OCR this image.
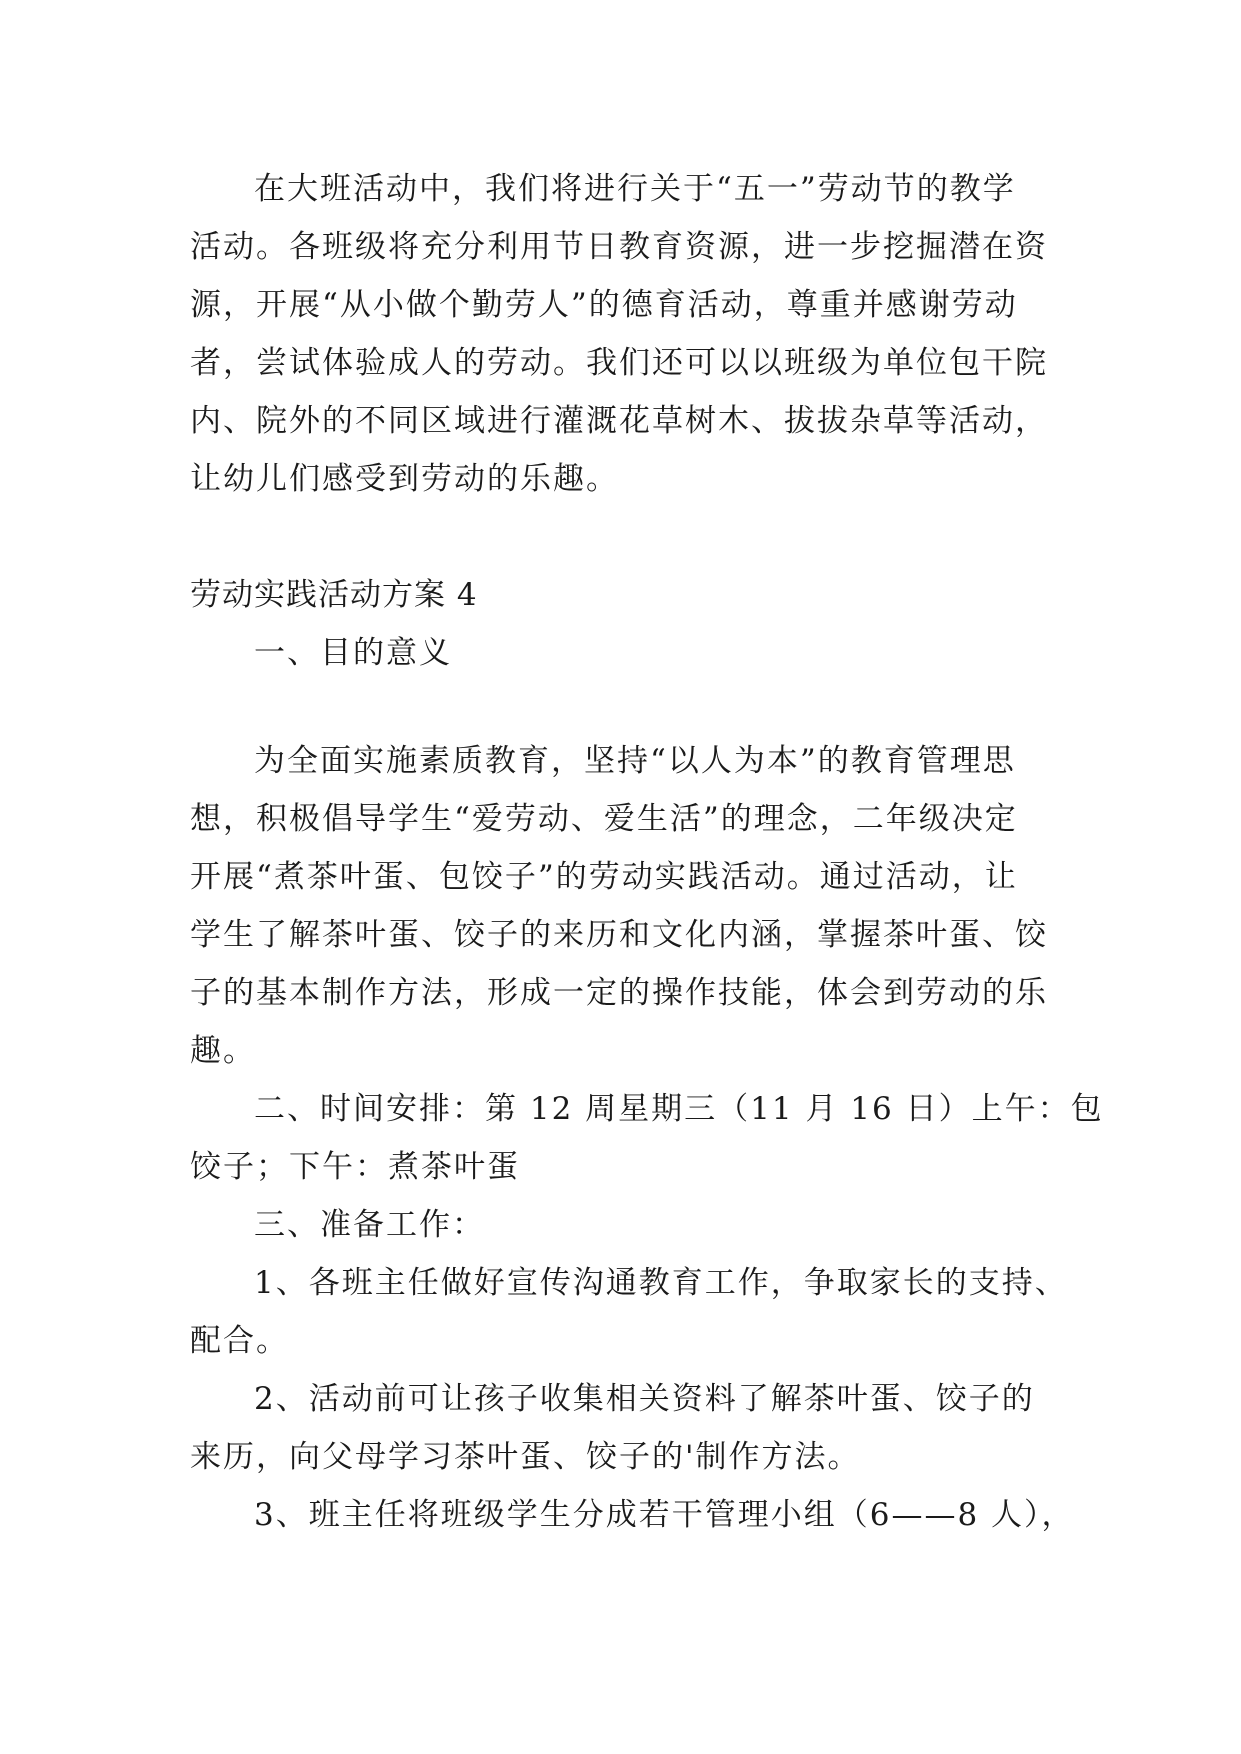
在大班活动中，我们将进行关于“五一”劳动节的教学
活动。各班级将充分利用节日教育资源，进一步挖掘潜在资
源，开展“从小做个勤劳人”的德育活动，尊重并感谢劳动
者，尝试体验成人的劳动。我们还可以以班级为单位包干院
内、院外的不同区域进行灌溉花草树木、拔拔杂草等活动，
让幼儿们感受到劳动的乐趣。
劳动实践活动方案 4
一、目的意义
为全面实施素质教育，坚持“以人为本”的教育管理思
想，积极倡导学生“爱劳动、爱生活”的理念，二年级决定
开展“煮茶叶蛋、包饺子”的劳动实践活动。通过活动，让
学生了解茶叶蛋、饺子的来历和文化内涵，掌握茶叶蛋、饺
子的基本制作方法，形成一定的操作技能，体会到劳动的乐
趣。
二、时间安排：第 12 周星期三（11 月 16 日）上午：包
饺子；下午：煮茶叶蛋
三、准备工作：
1、各班主任做好宣传沟通教育工作，争取家长的支持、
配合。
2、活动前可让孩子收集相关资料了解茶叶蛋、饺子的
来历，向父母学习茶叶蛋、饺子的'制作方法。
3、班主任将班级学生分成若干管理小组（6——8 人），
